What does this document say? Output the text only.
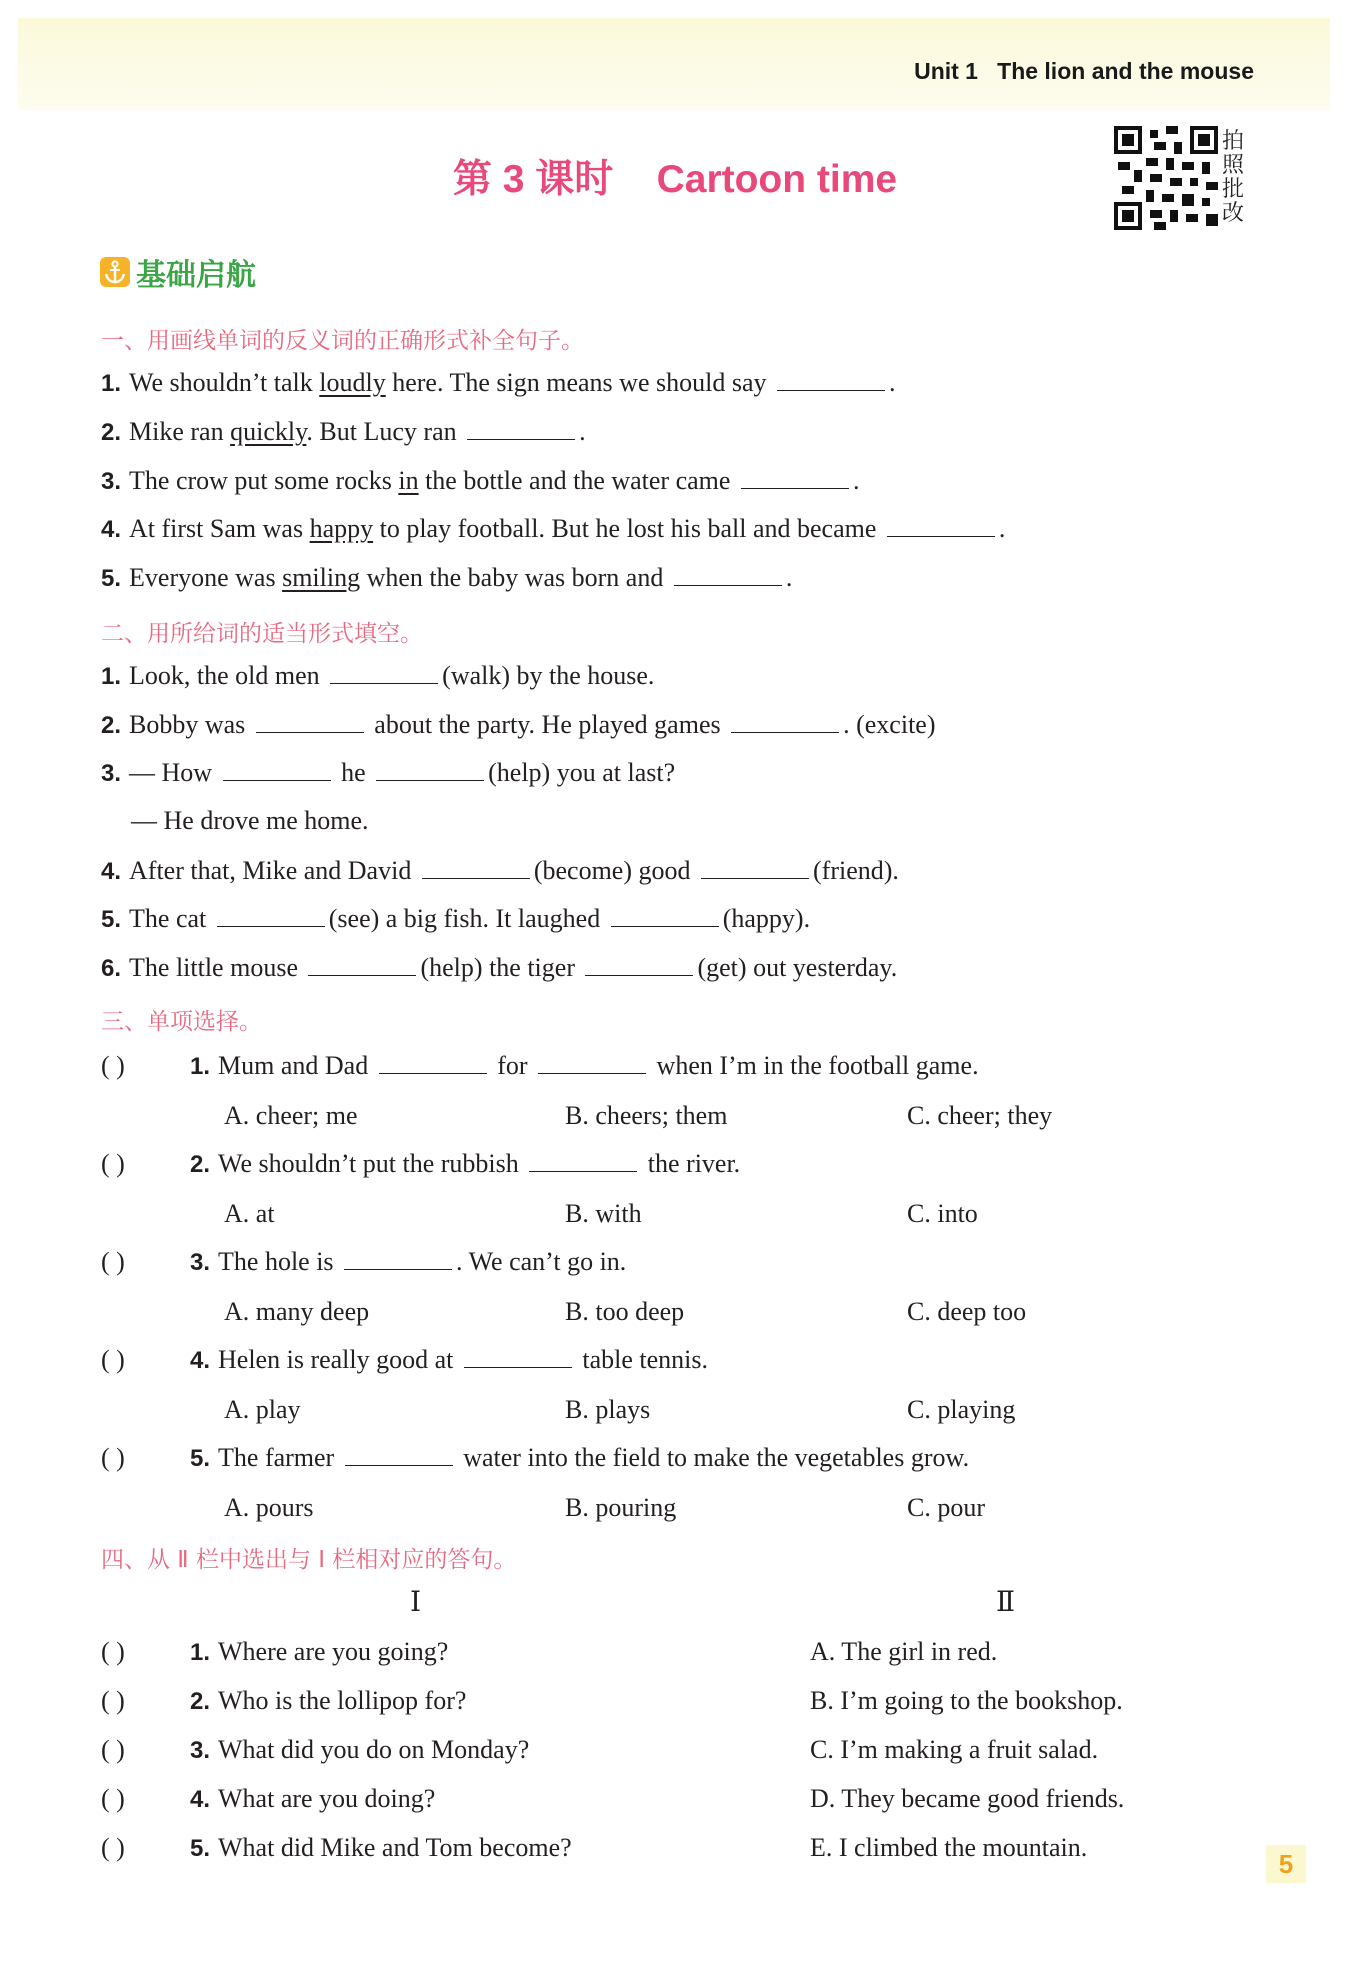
Unit 1 The lion and the mouse
第 3 课时    Cartoon time
拍照批改
基础启航
一、用画线单词的反义词的正确形式补全句子。
1. We shouldn’t talk loudly here. The sign means we should say	.
2. Mike ran quickly. But Lucy ran	.
3. The crow put some rocks in the bottle and the water came	.
4. At first Sam was happy to play football. But he lost his ball and became	.
5. Everyone was smiling when the baby was born and	.
二、用所给词的适当形式填空。
1. Look, the old men	(walk) by the house.
2. Bobby was	about the party. He played games	. (excite)
3. — How	he	(help) you at last?
— He drove me home.
4. After that, Mike and David	(become) good	(friend).
5. The cat	(see) a big fish. It laughed	(happy).
6. The little mouse	(help) the tiger	(get) out yesterday.
三、单项选择。
( )	1. Mum and Dad	for	when I’m in the football game.
A. cheer; me	B. cheers; them	C. cheer; they
( )	2. We shouldn’t put the rubbish	the river.
A. at	B. with	C. into
( )	3. The hole is	. We can’t go in.
A. many deep	B. too deep	C. deep too
( )	4. Helen is really good at	table tennis.
A. play	B. plays	C. playing
( )	5. The farmer	water into the field to make the vegetables grow.
A. pours	B. pouring	C. pour
四、从 Ⅱ 栏中选出与 Ⅰ 栏相对应的答句。
Ⅰ	Ⅱ
( )	1. Where are you going?	A. The girl in red.
( )	2. Who is the lollipop for?	B. I’m going to the bookshop.
( )	3. What did you do on Monday?	C. I’m making a fruit salad.
( )	4. What are you doing?	D. They became good friends.
( )	5. What did Mike and Tom become?	E. I climbed the mountain.
5
